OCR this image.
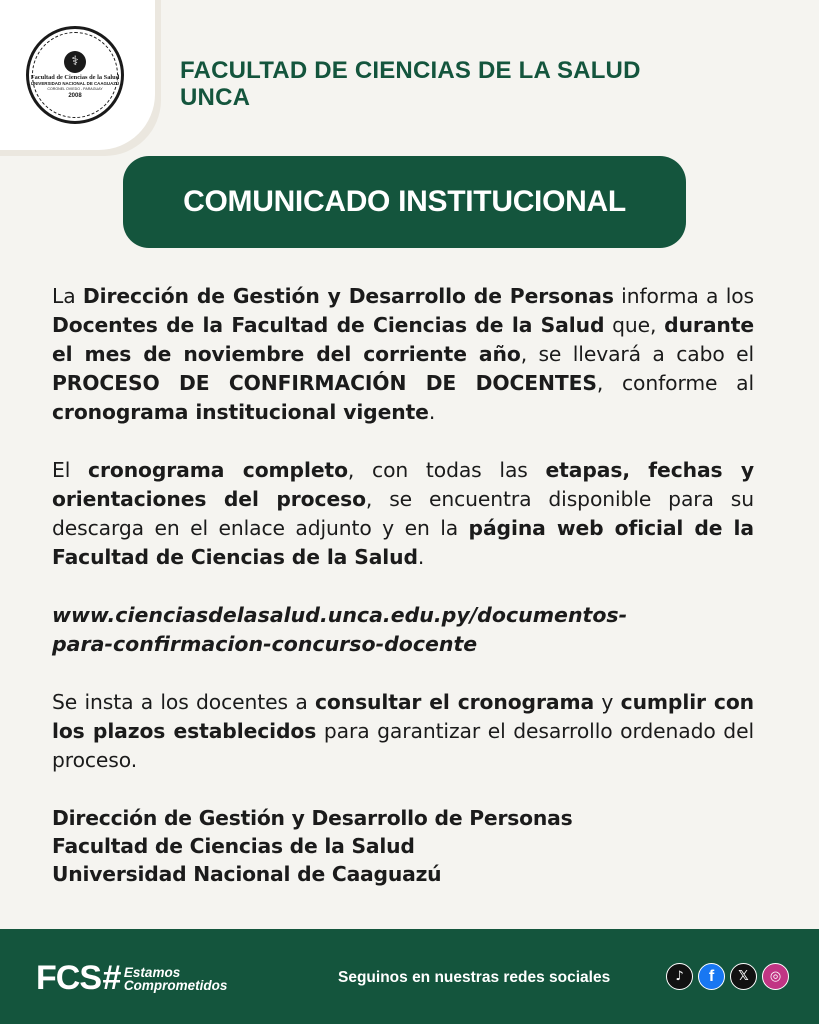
⚕
Facultad de Ciencias de la Salud
UNIVERSIDAD NACIONAL DE CAAGUAZÚ
CORONEL OVIEDO - PARAGUAY
2008
FACULTAD DE CIENCIAS DE LA SALUD
UNCA
COMUNICADO INSTITUCIONAL

La Dirección de Gestión y Desarrollo de Personas informa a los Docentes de la Facultad de Ciencias de la Salud que, durante el mes de noviembre del corriente año, se llevará a cabo el PROCESO DE CONFIRMACIÓN DE DOCENTES, conforme al cronograma institucional vigente.

El cronograma completo, con todas las etapas, fechas y orientaciones del proceso, se encuentra disponible para su descarga en el enlace adjunto y en la página web oficial de la Facultad de Ciencias de la Salud.

www.cienciasdelasalud.unca.edu.py/documentos-
para-confirmacion-concurso-docente

Se insta a los docentes a consultar el cronograma y cumplir con los plazos establecidos para garantizar el desarrollo ordenado del proceso.

Dirección de Gestión y Desarrollo de Personas
Facultad de Ciencias de la Salud
Universidad Nacional de Caaguazú
FCS # Estamos
Comprometidos	Seguinos en nuestras redes sociales	♪	f	𝕏	◎
